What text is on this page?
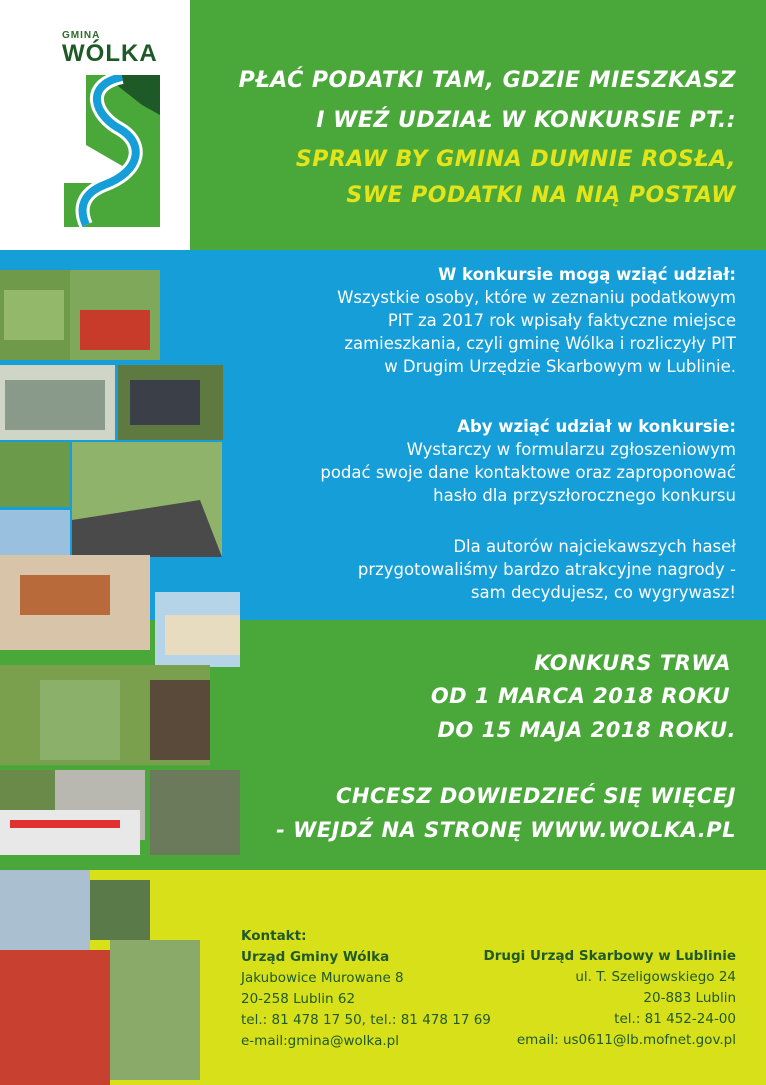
GMINA
WÓLKA
PŁAĆ PODATKI TAM, GDZIE MIESZKASZ
I WEŹ UDZIAŁ W KONKURSIE PT.:
SPRAW BY GMINA DUMNIE ROSŁA,
SWE PODATKI NA NIĄ POSTAW
W konkursie mogą wziąć udział:
Wszystkie osoby, które w zeznaniu podatkowym
PIT za 2017 rok wpisały faktyczne miejsce
zamieszkania, czyli gminę Wólka i rozliczyły PIT
w Drugim Urzędzie Skarbowym w Lublinie.
Aby wziąć udział w konkursie:
Wystarczy w formularzu zgłoszeniowym
podać swoje dane kontaktowe oraz zaproponować
hasło dla przyszłorocznego konkursu
Dla autorów najciekawszych haseł
przygotowaliśmy bardzo atrakcyjne nagrody -
sam decydujesz, co wygrywasz!
KONKURS TRWA
OD 1 MARCA 2018 ROKU
DO 15 MAJA 2018 ROKU.
CHCESZ DOWIEDZIEĆ SIĘ WIĘCEJ
- WEJDŹ NA STRONĘ WWW.WOLKA.PL
Kontakt:
Urząd Gminy Wólka
Jakubowice Murowane 8
20-258 Lublin 62
tel.: 81 478 17 50, tel.: 81 478 17 69
e-mail:gmina@wolka.pl
Drugi Urząd Skarbowy w Lublinie
ul. T. Szeligowskiego 24
20-883 Lublin
tel.: 81 452-24-00
email: us0611@lb.mofnet.gov.pl
